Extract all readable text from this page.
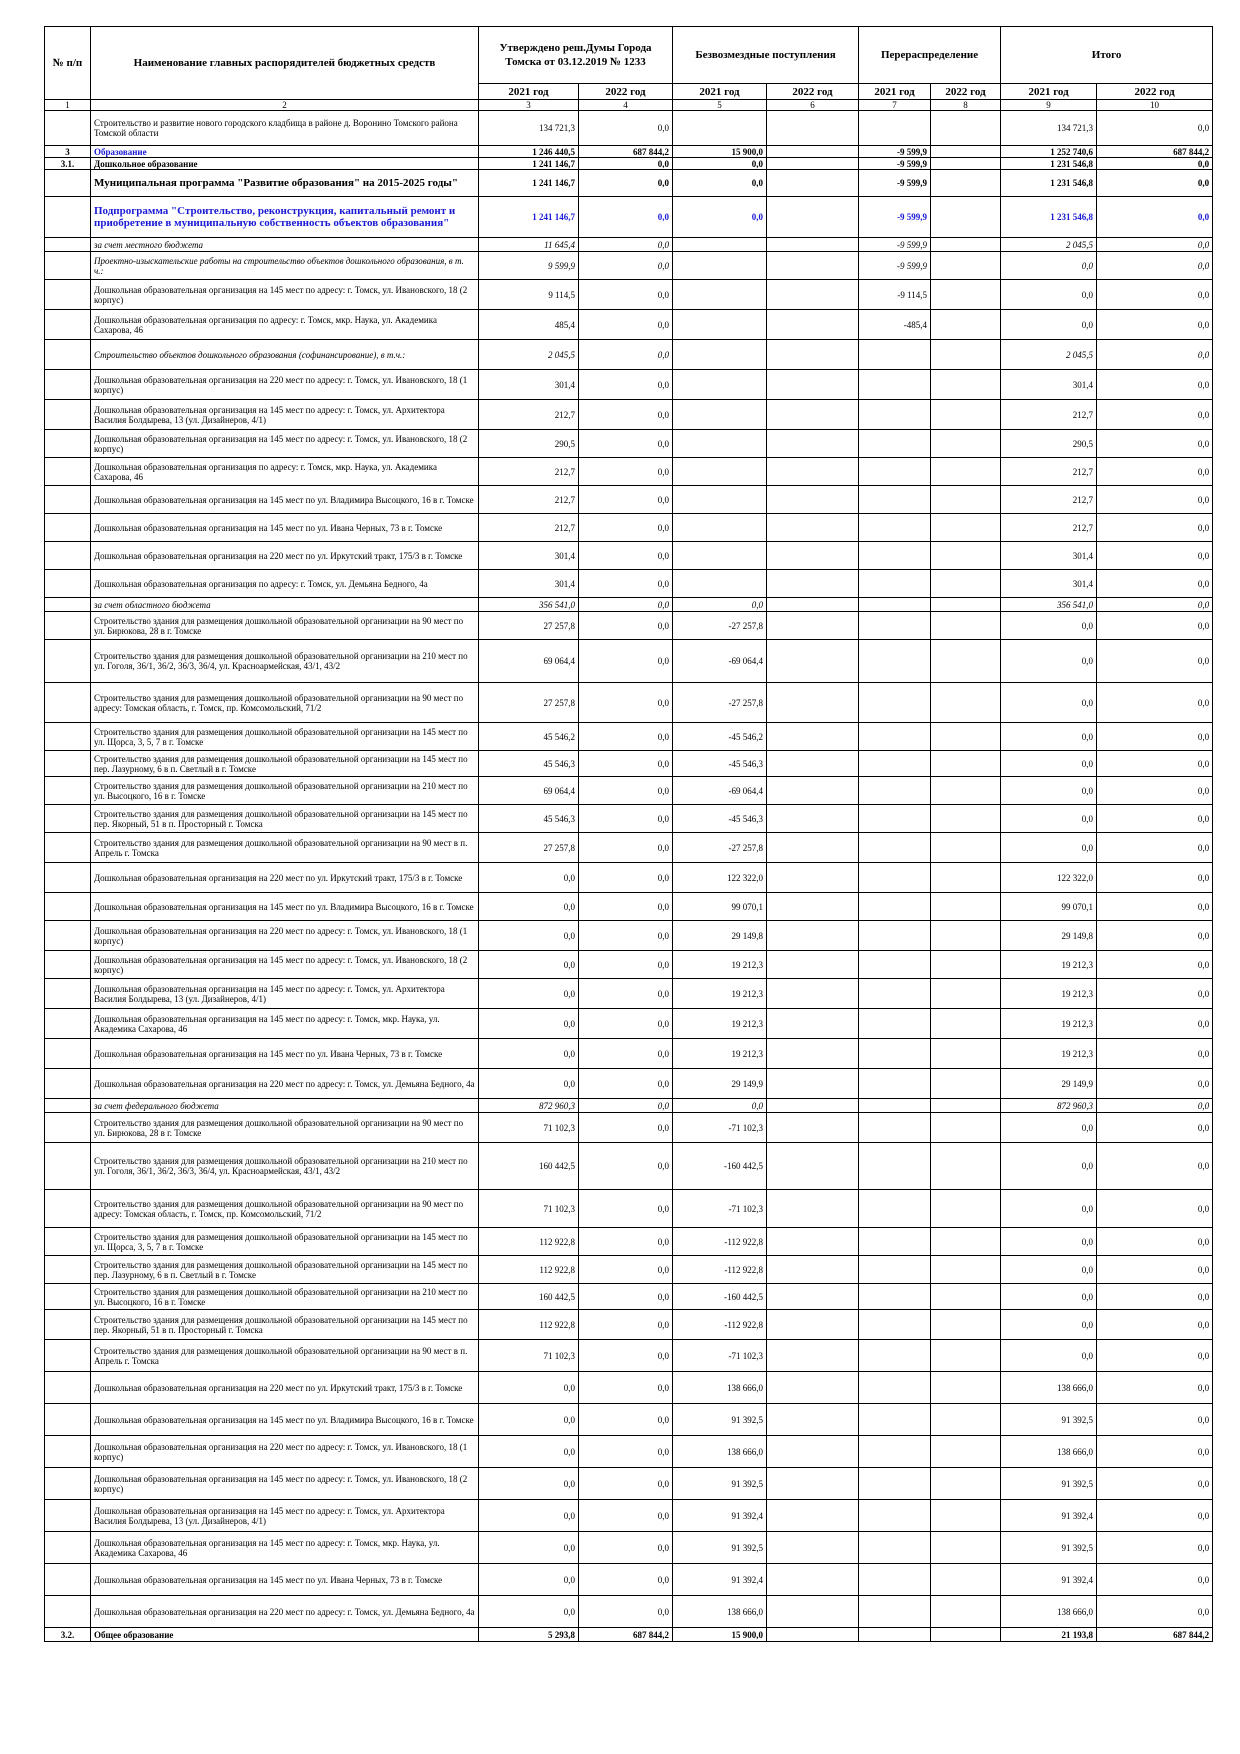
№ п/п	Наименование главных распорядителей бюджетных средств	Утверждено реш.Думы Города Томска от 03.12.2019 № 1233		Безвозмездные поступления		Перераспределение		Итого	
		2021 год	2022 год	2021 год	2022 год	2021 год	2022 год	2021 год	2022 год
1	2	3	4	5	6	7	8	9	10
	Строительство и развитие нового городского кладбища в районе д. Воронино Томского района Томской области	134 721,3	0,0					134 721,3	0,0
3	Образование	1 246 440,5	687 844,2	15 900,0		-9 599,9		1 252 740,6	687 844,2
3.1.	Дошкольное образование	1 241 146,7	0,0	0,0		-9 599,9		1 231 546,8	0,0
	Муниципальная программа "Развитие образования" на 2015-2025 годы"	1 241 146,7	0,0	0,0		-9 599,9		1 231 546,8	0,0
	Подпрограмма "Строительство, реконструкция, капитальный ремонт и приобретение в муниципальную собственность объектов образования"	1 241 146,7	0,0	0,0		-9 599,9		1 231 546,8	0,0
	за счет местного бюджета	11 645,4	0,0			-9 599,9		2 045,5	0,0
	Проектно-изыскательские работы на строительство объектов дошкольного образования, в т. ч.:	9 599,9	0,0			-9 599,9		0,0	0,0
	Дошкольная образовательная организация на 145 мест по адресу: г. Томск, ул. Ивановского, 18 (2 корпус)	9 114,5	0,0			-9 114,5		0,0	0,0
	Дошкольная образовательная организация по адресу: г. Томск, мкр. Наука, ул. Академика Сахарова, 46	485,4	0,0			-485,4		0,0	0,0
	Строительство объектов дошкольного образования (софинансирование), в т.ч.:	2 045,5	0,0					2 045,5	0,0
	Дошкольная образовательная организация на 220 мест по адресу: г. Томск, ул. Ивановского, 18 (1 корпус)	301,4	0,0					301,4	0,0
	Дошкольная образовательная организация на 145 мест по адресу: г. Томск, ул. Архитектора Василия Болдырева, 13 (ул. Дизайнеров, 4/1)	212,7	0,0					212,7	0,0
	Дошкольная образовательная организация на 145 мест по адресу: г. Томск, ул. Ивановского, 18 (2 корпус)	290,5	0,0					290,5	0,0
	Дошкольная образовательная организация по адресу: г. Томск, мкр. Наука, ул. Академика Сахарова, 46	212,7	0,0					212,7	0,0
	Дошкольная образовательная организация на 145 мест по ул. Владимира Высоцкого, 16 в г. Томске	212,7	0,0					212,7	0,0
	Дошкольная образовательная организация на 145 мест по ул. Ивана Черных, 73 в г. Томске	212,7	0,0					212,7	0,0
	Дошкольная образовательная организация на 220 мест по ул. Иркутский тракт, 175/3 в г. Томске	301,4	0,0					301,4	0,0
	Дошкольная образовательная организация по адресу: г. Томск, ул. Демьяна Бедного, 4а	301,4	0,0					301,4	0,0
	за счет областного бюджета	356 541,0	0,0	0,0				356 541,0	0,0
	Строительство здания для размещения дошкольной образовательной организации на 90 мест по ул. Бирюкова, 28 в г. Томске	27 257,8	0,0	-27 257,8				0,0	0,0
	Строительство здания для размещения дошкольной образовательной организации на 210 мест по ул. Гоголя, 36/1, 36/2, 36/3, 36/4, ул. Красноармейская, 43/1, 43/2	69 064,4	0,0	-69 064,4				0,0	0,0
	Строительство здания для размещения дошкольной образовательной организации на 90 мест по адресу: Томская область, г. Томск, пр. Комсомольский, 71/2	27 257,8	0,0	-27 257,8				0,0	0,0
	Строительство здания для размещения дошкольной образовательной организации на 145 мест по ул. Щорса, 3, 5, 7 в г. Томске	45 546,2	0,0	-45 546,2				0,0	0,0
	Строительство здания для размещения дошкольной образовательной организации на 145 мест по пер. Лазурному, 6 в п. Светлый в г. Томске	45 546,3	0,0	-45 546,3				0,0	0,0
	Строительство здания для размещения дошкольной образовательной организации на 210 мест по ул. Высоцкого, 16 в г. Томске	69 064,4	0,0	-69 064,4				0,0	0,0
	Строительство здания для размещения дошкольной образовательной организации на 145 мест по пер. Якорный, 51 в п. Просторный г. Томска	45 546,3	0,0	-45 546,3				0,0	0,0
	Строительство здания для размещения дошкольной образовательной организации на 90 мест в п. Апрель г. Томска	27 257,8	0,0	-27 257,8				0,0	0,0
	Дошкольная образовательная организация на 220 мест по ул. Иркутский тракт, 175/3 в г. Томске	0,0	0,0	122 322,0				122 322,0	0,0
	Дошкольная образовательная организация на 145 мест по ул. Владимира Высоцкого, 16 в г. Томске	0,0	0,0	99 070,1				99 070,1	0,0
	Дошкольная образовательная организация на 220 мест по адресу: г. Томск, ул. Ивановского, 18 (1 корпус)	0,0	0,0	29 149,8				29 149,8	0,0
	Дошкольная образовательная организация на 145 мест по адресу: г. Томск, ул. Ивановского, 18 (2 корпус)	0,0	0,0	19 212,3				19 212,3	0,0
	Дошкольная образовательная организация на 145 мест по адресу: г. Томск, ул. Архитектора Василия Болдырева, 13 (ул. Дизайнеров, 4/1)	0,0	0,0	19 212,3				19 212,3	0,0
	Дошкольная образовательная организация на 145 мест по адресу: г. Томск, мкр. Наука, ул. Академика Сахарова, 46	0,0	0,0	19 212,3				19 212,3	0,0
	Дошкольная образовательная организация на 145 мест по ул. Ивана Черных, 73 в г. Томске	0,0	0,0	19 212,3				19 212,3	0,0
	Дошкольная образовательная организация на 220 мест по адресу: г. Томск, ул. Демьяна Бедного, 4а	0,0	0,0	29 149,9				29 149,9	0,0
	за счет федерального бюджета	872 960,3	0,0	0,0				872 960,3	0,0
	Строительство здания для размещения дошкольной образовательной организации на 90 мест по ул. Бирюкова, 28 в г. Томске	71 102,3	0,0	-71 102,3				0,0	0,0
	Строительство здания для размещения дошкольной образовательной организации на 210 мест по ул. Гоголя, 36/1, 36/2, 36/3, 36/4, ул. Красноармейская, 43/1, 43/2	160 442,5	0,0	-160 442,5				0,0	0,0
	Строительство здания для размещения дошкольной образовательной организации на 90 мест по адресу: Томская область, г. Томск, пр. Комсомольский, 71/2	71 102,3	0,0	-71 102,3				0,0	0,0
	Строительство здания для размещения дошкольной образовательной организации на 145 мест по ул. Щорса, 3, 5, 7 в г. Томске	112 922,8	0,0	-112 922,8				0,0	0,0
	Строительство здания для размещения дошкольной образовательной организации на 145 мест по пер. Лазурному, 6 в п. Светлый в г. Томске	112 922,8	0,0	-112 922,8				0,0	0,0
	Строительство здания для размещения дошкольной образовательной организации на 210 мест по ул. Высоцкого, 16 в г. Томске	160 442,5	0,0	-160 442,5				0,0	0,0
	Строительство здания для размещения дошкольной образовательной организации на 145 мест по пер. Якорный, 51 в п. Просторный г. Томска	112 922,8	0,0	-112 922,8				0,0	0,0
	Строительство здания для размещения дошкольной образовательной организации на 90 мест в п. Апрель г. Томска	71 102,3	0,0	-71 102,3				0,0	0,0
	Дошкольная образовательная организация на 220 мест по ул. Иркутский тракт, 175/3 в г. Томске	0,0	0,0	138 666,0				138 666,0	0,0
	Дошкольная образовательная организация на 145 мест по ул. Владимира Высоцкого, 16 в г. Томске	0,0	0,0	91 392,5				91 392,5	0,0
	Дошкольная образовательная организация на 220 мест по адресу: г. Томск, ул. Ивановского, 18 (1 корпус)	0,0	0,0	138 666,0				138 666,0	0,0
	Дошкольная образовательная организация на 145 мест по адресу: г. Томск, ул. Ивановского, 18 (2 корпус)	0,0	0,0	91 392,5				91 392,5	0,0
	Дошкольная образовательная организация на 145 мест по адресу: г. Томск, ул. Архитектора Василия Болдырева, 13 (ул. Дизайнеров, 4/1)	0,0	0,0	91 392,4				91 392,4	0,0
	Дошкольная образовательная организация на 145 мест по адресу: г. Томск, мкр. Наука, ул. Академика Сахарова, 46	0,0	0,0	91 392,5				91 392,5	0,0
	Дошкольная образовательная организация на 145 мест по ул. Ивана Черных, 73 в г. Томске	0,0	0,0	91 392,4				91 392,4	0,0
	Дошкольная образовательная организация на 220 мест по адресу: г. Томск, ул. Демьяна Бедного, 4а	0,0	0,0	138 666,0				138 666,0	0,0
3.2.	Общее образование	5 293,8	687 844,2	15 900,0				21 193,8	687 844,2
